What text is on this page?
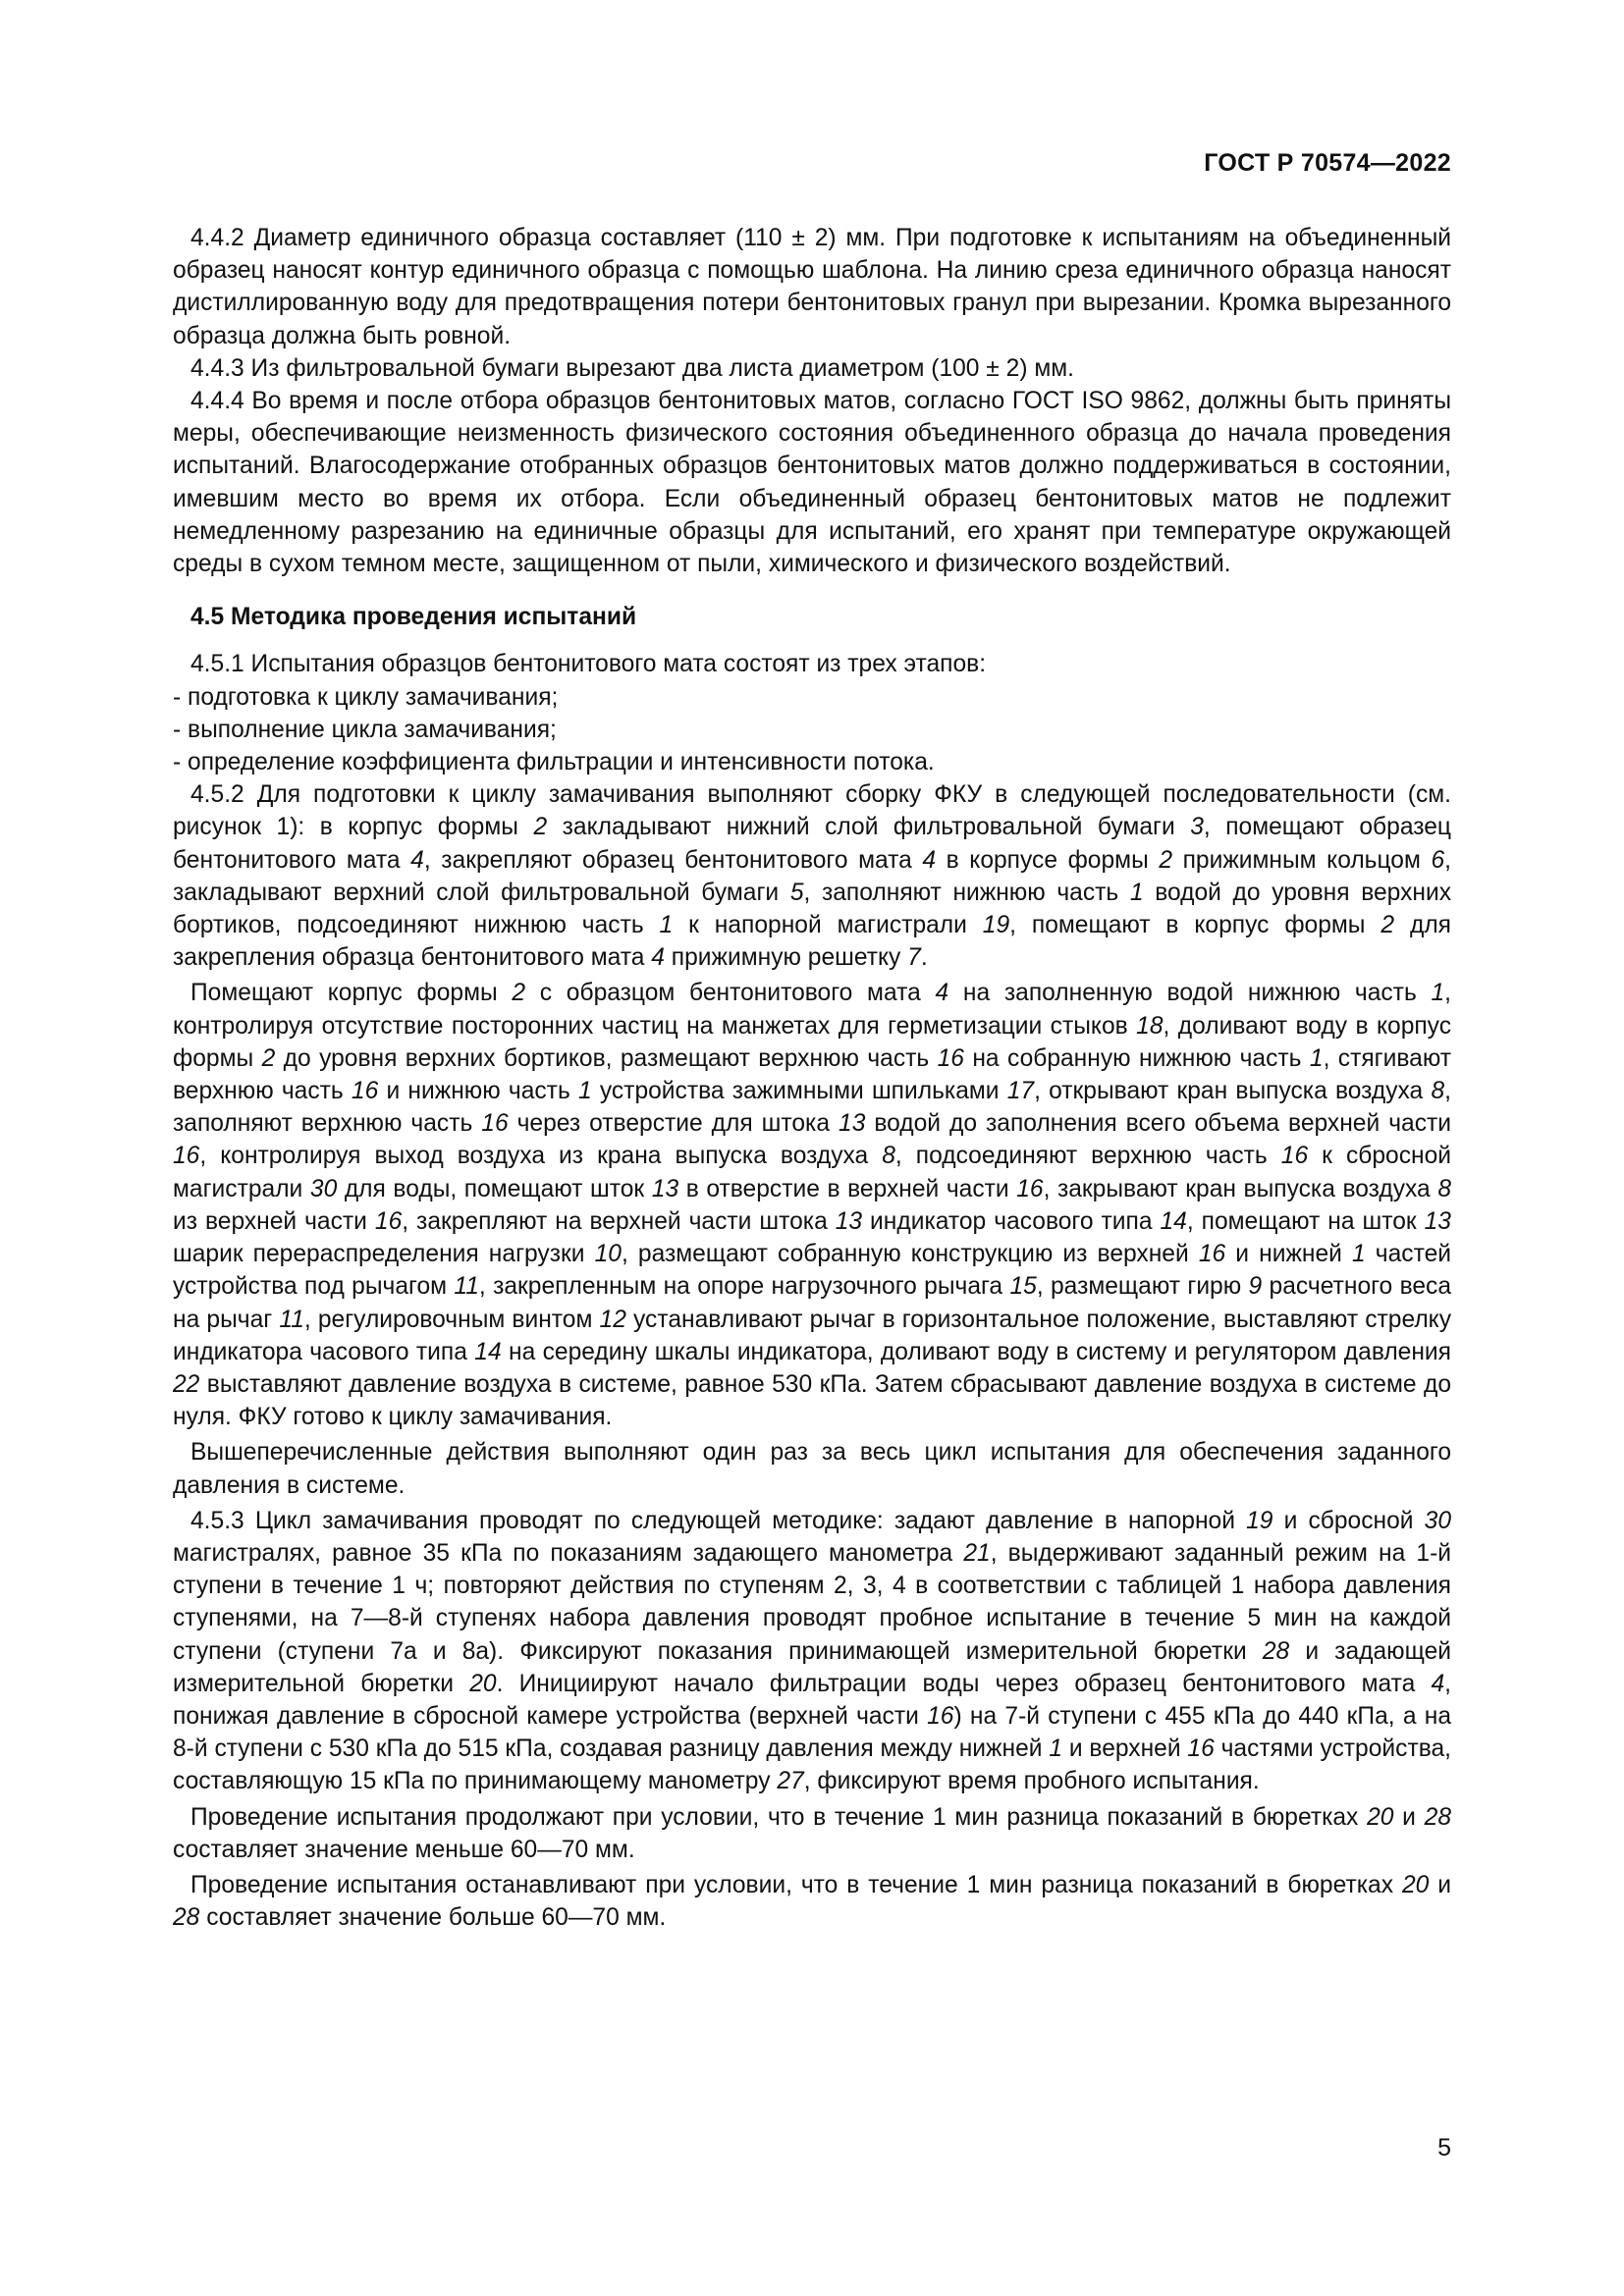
ГОСТ Р 70574—2022

4.4.2 Диаметр единичного образца составляет (110 ± 2) мм. При подготовке к испытаниям на объединенный образец наносят контур единичного образца с помощью шаблона. На линию среза единичного образца наносят дистиллированную воду для предотвращения потери бентонитовых гранул при вырезании. Кромка вырезанного образца должна быть ровной.

4.4.3 Из фильтровальной бумаги вырезают два листа диаметром (100 ± 2) мм.

4.4.4 Во время и после отбора образцов бентонитовых матов, согласно ГОСТ ISO 9862, должны быть приняты меры, обеспечивающие неизменность физического состояния объединенного образца до начала проведения испытаний. Влагосодержание отобранных образцов бентонитовых матов должно поддерживаться в состоянии, имевшим место во время их отбора. Если объединенный образец бентонитовых матов не подлежит немедленному разрезанию на единичные образцы для испытаний, его хранят при температуре окружающей среды в сухом темном месте, защищенном от пыли, химического и физического воздействий.

4.5 Методика проведения испытаний

4.5.1 Испытания образцов бентонитового мата состоят из трех этапов:

- подготовка к циклу замачивания;

- выполнение цикла замачивания;

- определение коэффициента фильтрации и интенсивности потока.

4.5.2 Для подготовки к циклу замачивания выполняют сборку ФКУ в следующей последовательности (см. рисунок 1): в корпус формы 2 закладывают нижний слой фильтровальной бумаги 3, помещают образец бентонитового мата 4, закрепляют образец бентонитового мата 4 в корпусе формы 2 прижимным кольцом 6, закладывают верхний слой фильтровальной бумаги 5, заполняют нижнюю часть 1 водой до уровня верхних бортиков, подсоединяют нижнюю часть 1 к напорной магистрали 19, помещают в корпус формы 2 для закрепления образца бентонитового мата 4 прижимную решетку 7.

Помещают корпус формы 2 с образцом бентонитового мата 4 на заполненную водой нижнюю часть 1, контролируя отсутствие посторонних частиц на манжетах для герметизации стыков 18, доливают воду в корпус формы 2 до уровня верхних бортиков, размещают верхнюю часть 16 на собранную нижнюю часть 1, стягивают верхнюю часть 16 и нижнюю часть 1 устройства зажимными шпильками 17, открывают кран выпуска воздуха 8, заполняют верхнюю часть 16 через отверстие для штока 13 водой до заполнения всего объема верхней части 16, контролируя выход воздуха из крана выпуска воздуха 8, подсоединяют верхнюю часть 16 к сбросной магистрали 30 для воды, помещают шток 13 в отверстие в верхней части 16, закрывают кран выпуска воздуха 8 из верхней части 16, закрепляют на верхней части штока 13 индикатор часового типа 14, помещают на шток 13 шарик перераспределения нагрузки 10, размещают собранную конструкцию из верхней 16 и нижней 1 частей устройства под рычагом 11, закрепленным на опоре нагрузочного рычага 15, размещают гирю 9 расчетного веса на рычаг 11, регулировочным винтом 12 устанавливают рычаг в горизонтальное положение, выставляют стрелку индикатора часового типа 14 на середину шкалы индикатора, доливают воду в систему и регулятором давления 22 выставляют давление воздуха в системе, равное 530 кПа. Затем сбрасывают давление воздуха в системе до нуля. ФКУ готово к циклу замачивания.

Вышеперечисленные действия выполняют один раз за весь цикл испытания для обеспечения заданного давления в системе.

4.5.3 Цикл замачивания проводят по следующей методике: задают давление в напорной 19 и сбросной 30 магистралях, равное 35 кПа по показаниям задающего манометра 21, выдерживают заданный режим на 1-й ступени в течение 1 ч; повторяют действия по ступеням 2, 3, 4 в соответствии с таблицей 1 набора давления ступенями, на 7—8-й ступенях набора давления проводят пробное испытание в течение 5 мин на каждой ступени (ступени 7а и 8а). Фиксируют показания принимающей измерительной бюретки 28 и задающей измерительной бюретки 20. Инициируют начало фильтрации воды через образец бентонитового мата 4, понижая давление в сбросной камере устройства (верхней части 16) на 7-й ступени с 455 кПа до 440 кПа, а на 8-й ступени с 530 кПа до 515 кПа, создавая разницу давления между нижней 1 и верхней 16 частями устройства, составляющую 15 кПа по принимающему манометру 27, фиксируют время пробного испытания.

Проведение испытания продолжают при условии, что в течение 1 мин разница показаний в бюретках 20 и 28 составляет значение меньше 60—70 мм.

Проведение испытания останавливают при условии, что в течение 1 мин разница показаний в бюретках 20 и 28 составляет значение больше 60—70 мм.

5
